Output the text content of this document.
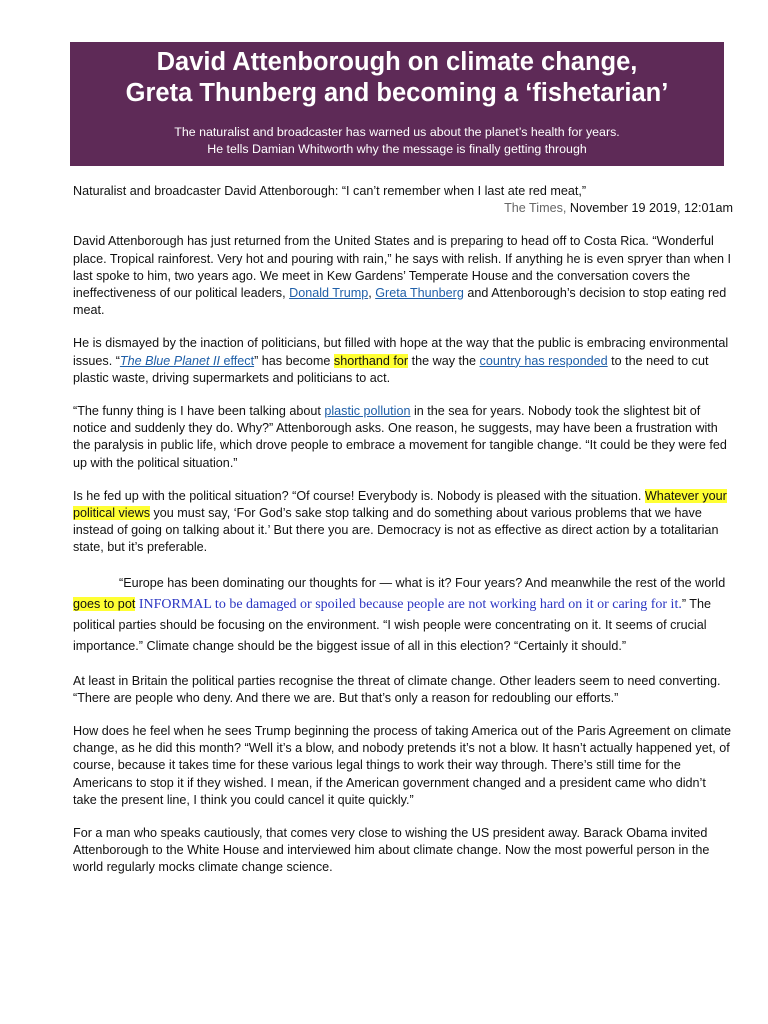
David Attenborough on climate change,
Greta Thunberg and becoming a ‘fishetarian’
The naturalist and broadcaster has warned us about the planet’s health for years.
He tells Damian Whitworth why the message is finally getting through

Naturalist and broadcaster David Attenborough: “I can’t remember when I last ate red meat,”

The Times, November 19 2019, 12:01am

David Attenborough has just returned from the United States and is preparing to head off to Costa Rica. “Wonderful place. Tropical rainforest. Very hot and pouring with rain,” he says with relish. If anything he is even spryer than when I last spoke to him, two years ago. We meet in Kew Gardens’ Temperate House and the conversation covers the ineffectiveness of our political leaders, Donald Trump, Greta Thunberg and Attenborough’s decision to stop eating red meat.

He is dismayed by the inaction of politicians, but filled with hope at the way that the public is embracing environmental issues. “The Blue Planet II effect” has become shorthand for the way the country has responded to the need to cut plastic waste, driving supermarkets and politicians to act.

“The funny thing is I have been talking about plastic pollution in the sea for years. Nobody took the slightest bit of notice and suddenly they do. Why?” Attenborough asks. One reason, he suggests, may have been a frustration with the paralysis in public life, which drove people to embrace a movement for tangible change. “It could be they were fed up with the political situation.”

Is he fed up with the political situation? “Of course! Everybody is. Nobody is pleased with the situation. Whatever your political views you must say, ‘For God’s sake stop talking and do something about various problems that we have instead of going on talking about it.’ But there you are. Democracy is not as effective as direct action by a totalitarian state, but it’s preferable.

“Europe has been dominating our thoughts for — what is it? Four years? And meanwhile the rest of the world goes to pot INFORMAL to be damaged or spoiled because people are not working hard on it or caring for it.” The political parties should be focusing on the environment. “I wish people were concentrating on it. It seems of crucial importance.” Climate change should be the biggest issue of all in this election? “Certainly it should.”

At least in Britain the political parties recognise the threat of climate change. Other leaders seem to need converting. “There are people who deny. And there we are. But that’s only a reason for redoubling our efforts.”

How does he feel when he sees Trump beginning the process of taking America out of the Paris Agreement on climate change, as he did this month? “Well it’s a blow, and nobody pretends it’s not a blow. It hasn’t actually happened yet, of course, because it takes time for these various legal things to work their way through. There’s still time for the Americans to stop it if they wished. I mean, if the American government changed and a president came who didn’t take the present line, I think you could cancel it quite quickly.”

For a man who speaks cautiously, that comes very close to wishing the US president away. Barack Obama invited Attenborough to the White House and interviewed him about climate change. Now the most powerful person in the world regularly mocks climate change science.
